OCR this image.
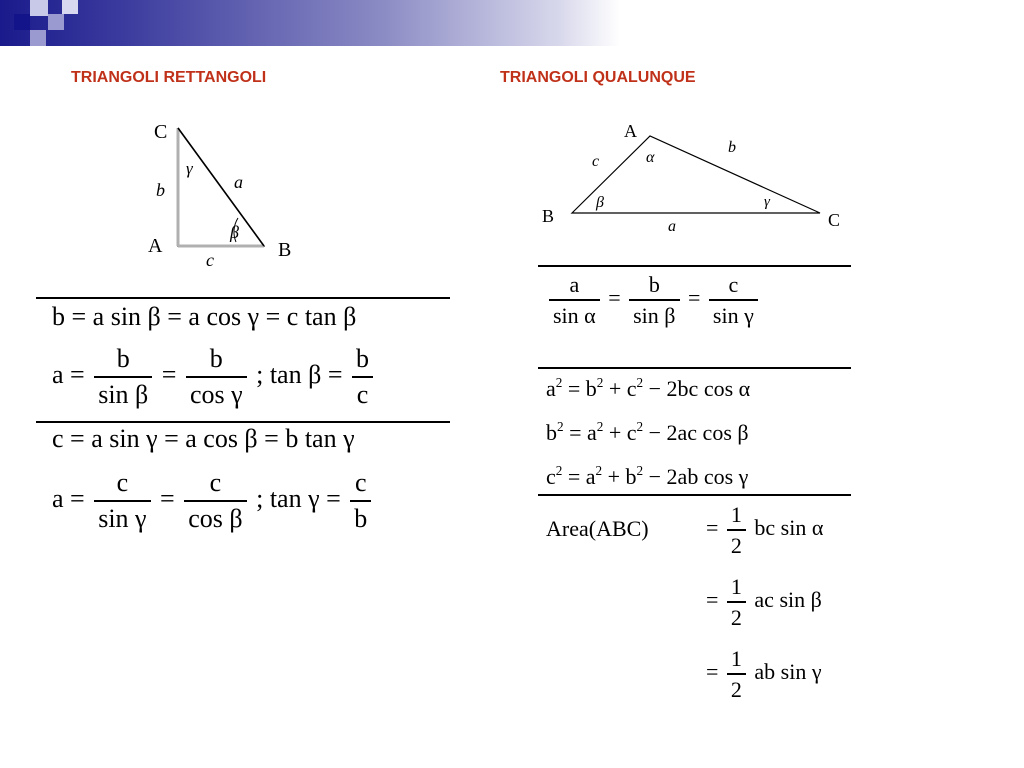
TRIANGOLI RETTANGOLI	TRIANGOLI QUALUNQUE
C
A	B
b	a
c
γ
β
A
B	C
c
b
a
α
β	γ
b = a sin β = a cos γ = c tan β
$a = \frac{b}{\text{sin β}} = \frac{b}{\text{cos γ}}$ ; $\tan \beta = \frac{b}{c}$
c = a sin γ = a cos β = b tan γ
$a = \frac{c}{\text{sin γ}} = \frac{c}{\text{cos β}}$ ; $\tan \gamma = \frac{c}{b}$
$\frac{a}{\text{sin α}} = \frac{b}{\text{sin β}} = \frac{c}{\text{sin γ}}$
$a^2 = b^2 + c^2 - 2bc$ cos α
$b^2 = a^2 + c^2 - 2ac$ cos β
$c^2 = a^2 + b^2 - 2ab$ cos γ
Area(ABC)	= $\frac{1}{2}$ bc sin α
= $\frac{1}{2}$ ac sin β
= $\frac{1}{2}$ ab sin γ
